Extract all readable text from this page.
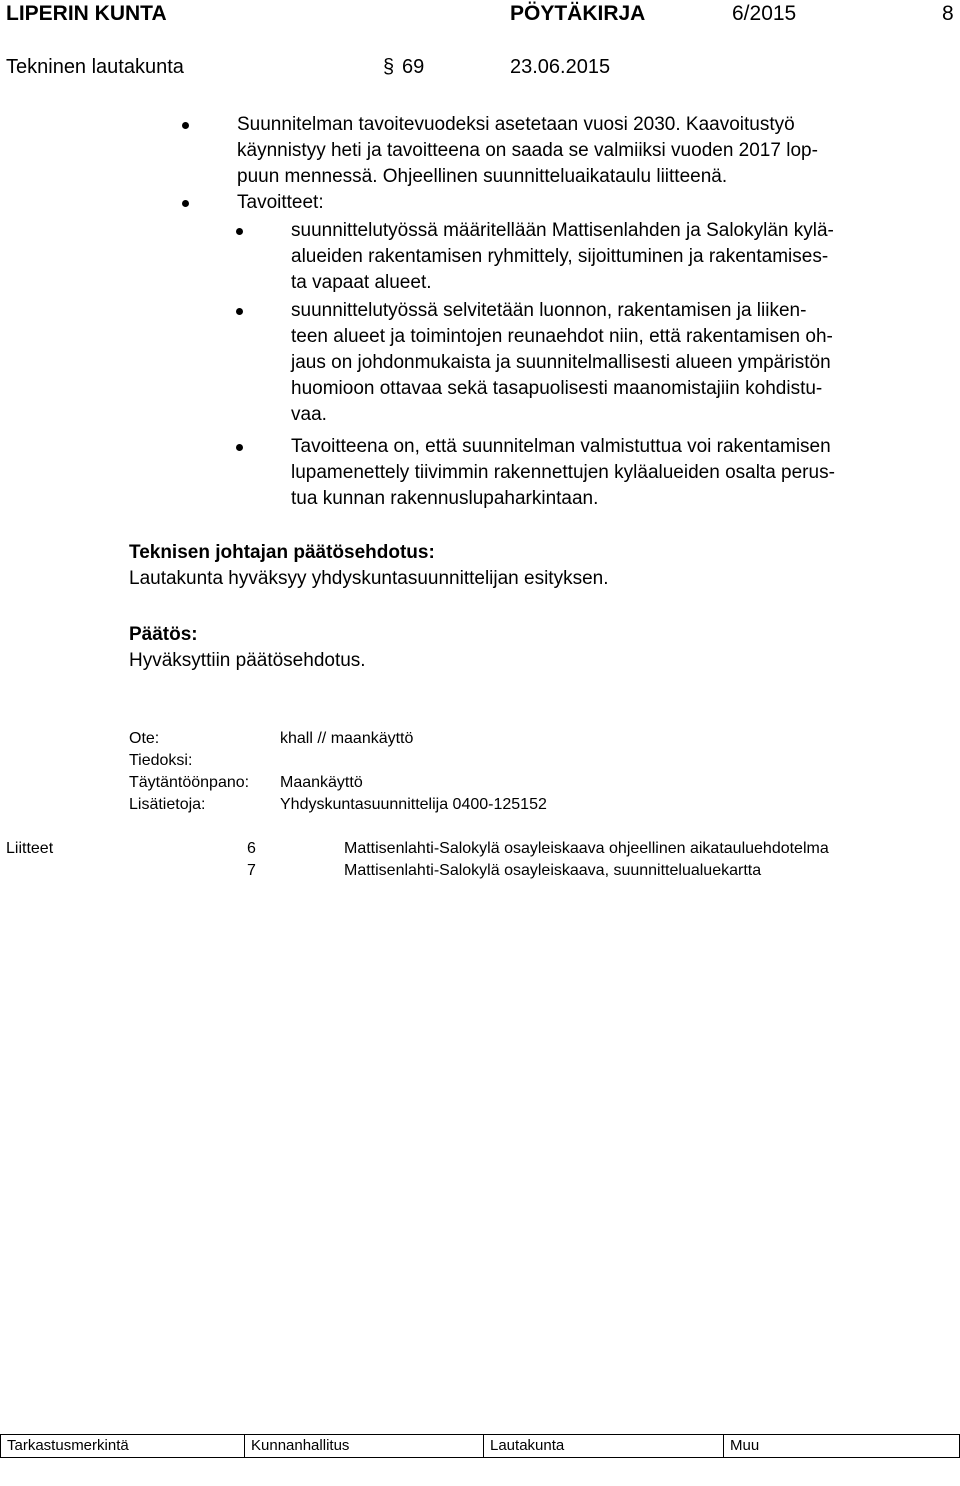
LIPERIN KUNTA	PÖYTÄKIRJA	6/2015	8
Tekninen lautakunta	§ 69	23.06.2015
Suunnitelman tavoitevuodeksi asetetaan vuosi 2030. Kaavoitustyö
käynnistyy heti ja tavoitteena on saada se valmiiksi vuoden 2017 lop-
puun mennessä. Ohjeellinen suunnitteluaikataulu liitteenä.
Tavoitteet:
suunnittelutyössä määritellään Mattisenlahden ja Salokylän kylä-
alueiden rakentamisen ryhmittely, sijoittuminen ja rakentamises-
ta vapaat alueet.
suunnittelutyössä selvitetään luonnon, rakentamisen ja liiken-
teen alueet ja toimintojen reunaehdot niin, että rakentamisen oh-
jaus on johdonmukaista ja suunnitelmallisesti alueen ympäristön
huomioon ottavaa sekä tasapuolisesti maanomistajiin kohdistu-
vaa.
Tavoitteena on, että suunnitelman valmistuttua voi rakentamisen
lupamenettely tiivimmin rakennettujen kyläalueiden osalta perus-
tua kunnan rakennuslupaharkintaan.
Teknisen johtajan päätösehdotus:
Lautakunta hyväksyy yhdyskuntasuunnittelijan esityksen.
Päätös:
Hyväksyttiin päätösehdotus.
Ote:	khall // maankäyttö
Tiedoksi:
Täytäntöönpano: Maankäyttö
Lisätietoja:	Yhdyskuntasuunnittelija 0400-125152
Liitteet	6	Mattisenlahti-Salokylä osayleiskaava ohjeellinen aikatauluehdotelma
7	Mattisenlahti-Salokylä osayleiskaava, suunnittelualuekartta
Tarkastusmerkintä	Kunnanhallitus	Lautakunta	Muu
